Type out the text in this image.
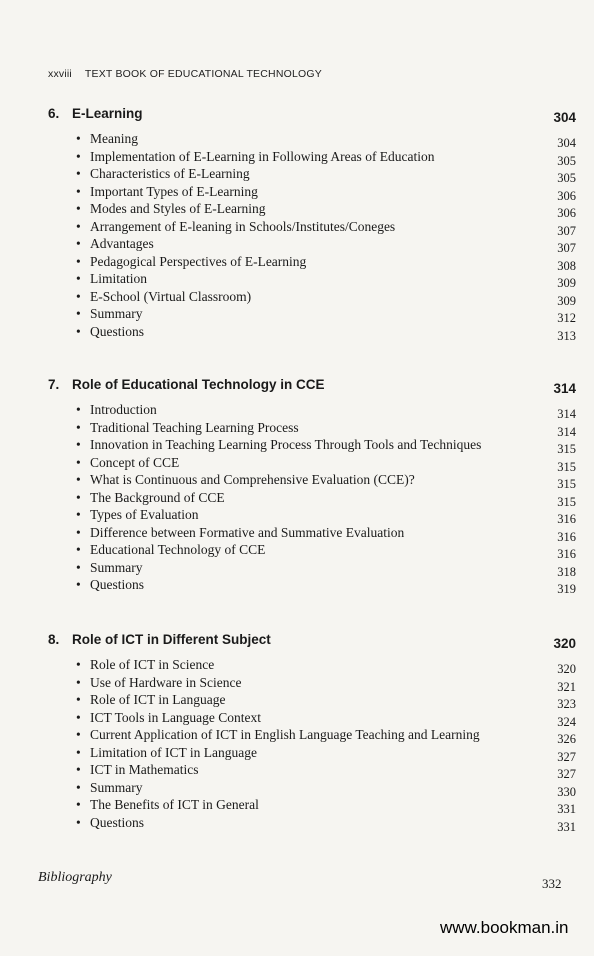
xxviii TEXT BOOK OF EDUCATIONAL TECHNOLOGY
6. E-Learning	304
• Meaning	304
• Implementation of E-Learning in Following Areas of Education	305
• Characteristics of E-Learning	305
• Important Types of E-Learning	306
• Modes and Styles of E-Learning	306
• Arrangement of E-leaning in Schools/Institutes/Coneges	307
• Advantages	307
• Pedagogical Perspectives of E-Learning	308
• Limitation	309
• E-School (Virtual Classroom)	309
• Summary	312
• Questions	313
7. Role of Educational Technology in CCE	314
• Introduction	314
• Traditional Teaching Learning Process	314
• Innovation in Teaching Learning Process Through Tools and Techniques	315
• Concept of CCE	315
• What is Continuous and Comprehensive Evaluation (CCE)?	315
• The Background of CCE	315
• Types of Evaluation	316
• Difference between Formative and Summative Evaluation	316
• Educational Technology of CCE	316
• Summary	318
• Questions	319
8. Role of ICT in Different Subject	320
• Role of ICT in Science	320
• Use of Hardware in Science	321
• Role of ICT in Language	323
• ICT Tools in Language Context	324
• Current Application of ICT in English Language Teaching and Learning	326
• Limitation of ICT in Language	327
• ICT in Mathematics	327
• Summary	330
• The Benefits of ICT in General	331
• Questions	331
Bibliography	332
www.bookman.in
